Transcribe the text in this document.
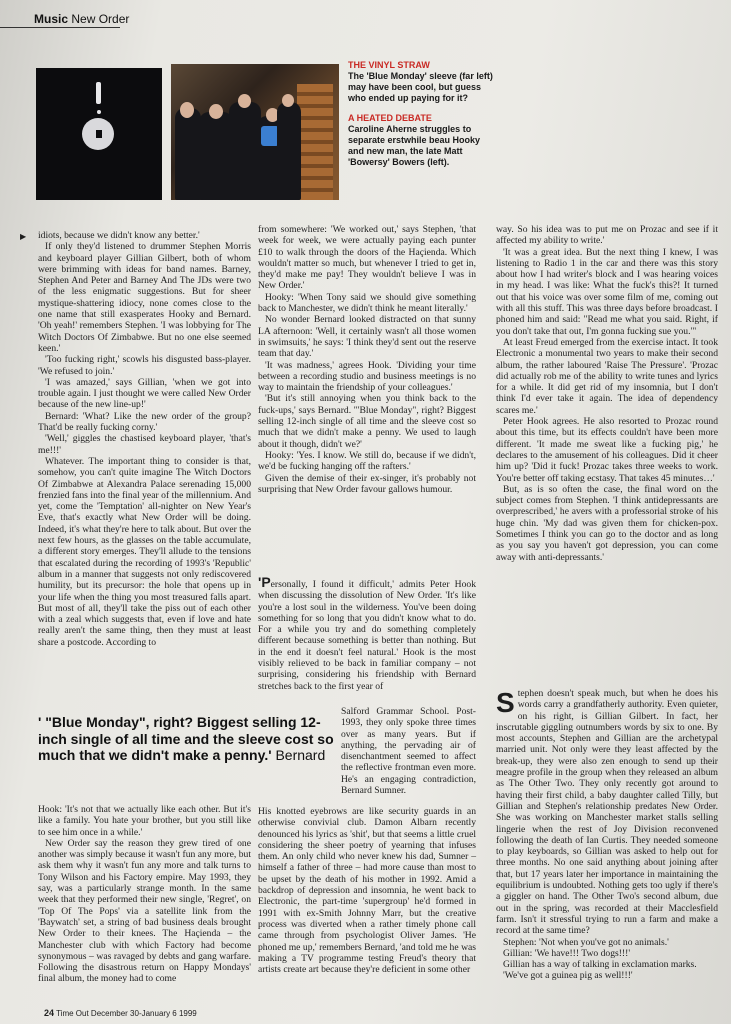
Music New Order
THE VINYL STRAW
The 'Blue Monday' sleeve (far left) may have been cool, but guess who ended up paying for it?
A HEATED DEBATE
Caroline Aherne struggles to separate erstwhile beau Hooky and new man, the late Matt 'Bowersy' Bowers (left).
▶ idiots, because we didn't know any better.'

If only they'd listened to drummer Stephen Morris and keyboard player Gillian Gilbert, both of whom were brimming with ideas for band names. Barney, Stephen And Peter and Barney And The JDs were two of the less enigmatic suggestions. But for sheer mystique-shattering idiocy, none comes close to the one name that still exasperates Hooky and Bernard. 'Oh yeah!' remembers Stephen. 'I was lobbying for The Witch Doctors Of Zimbabwe. But no one else seemed keen.'

'Too fucking right,' scowls his disgusted bass-player. 'We refused to join.'

'I was amazed,' says Gillian, 'when we got into trouble again. I just thought we were called New Order because of the new line-up!'

Bernard: 'What? Like the new order of the group? That'd be really fucking corny.'

'Well,' giggles the chastised keyboard player, 'that's me!!!'

Whatever. The important thing to consider is that, somehow, you can't quite imagine The Witch Doctors Of Zimbabwe at Alexandra Palace serenading 15,000 frenzied fans into the final year of the millennium. And yet, come the 'Temptation' all-nighter on New Year's Eve, that's exactly what New Order will be doing. Indeed, it's what they're here to talk about. But over the next few hours, as the glasses on the table accumulate, a different story emerges. They'll allude to the tensions that escalated during the recording of 1993's 'Republic' album in a manner that suggests not only rediscovered humility, but its precursor: the hole that opens up in your life when the thing you most treasured falls apart. But most of all, they'll take the piss out of each other with a zeal which suggests that, even if love and hate really aren't the same thing, then they must at least share a postcode. According to

' "Blue Monday", right? Biggest selling 12-inch single of all time and the sleeve cost so much that we didn't make a penny.' Bernard

Hook: 'It's not that we actually like each other. But it's like a family. You hate your brother, but you still like to see him once in a while.'

New Order say the reason they grew tired of one another was simply because it wasn't fun any more, but ask them why it wasn't fun any more and talk turns to Tony Wilson and his Factory empire. May 1993, they say, was a particularly strange month. In the same week that they performed their new single, 'Regret', on 'Top Of The Pops' via a satellite link from the 'Baywatch' set, a string of bad business deals brought New Order to their knees. The Haçienda – the Manchester club with which Factory had become synonymous – was ravaged by debts and gang warfare. Following the disastrous return on Happy Mondays' final album, the money had to come

from somewhere: 'We worked out,' says Stephen, 'that week for week, we were actually paying each punter £10 to walk through the doors of the Haçienda. Which wouldn't matter so much, but whenever I tried to get in, they'd make me pay! They wouldn't believe I was in New Order.'

Hooky: 'When Tony said we should give something back to Manchester, we didn't think he meant literally.'

No wonder Bernard looked distracted on that sunny LA afternoon: 'Well, it certainly wasn't all those women in swimsuits,' he says: 'I think they'd sent out the reserve team that day.'

'It was madness,' agrees Hook. 'Dividing your time between a recording studio and business meetings is no way to maintain the friendship of your colleagues.'

'But it's still annoying when you think back to the fuck-ups,' says Bernard. '"Blue Monday", right? Biggest selling 12-inch single of all time and the sleeve cost so much that we didn't make a penny. We used to laugh about it though, didn't we?'

Hooky: 'Yes. I know. We still do, because if we didn't, we'd be fucking hanging off the rafters.'

Given the demise of their ex-singer, it's probably not surprising that New Order favour gallows humour.

'Personally, I found it difficult,' admits Peter Hook when discussing the dissolution of New Order. 'It's like you're a lost soul in the wilderness. You've been doing something for so long that you didn't know what to do. For a while you try and do something completely different because something is better than nothing. But in the end it doesn't feel natural.' Hook is the most visibly relieved to be back in familiar company – not surprising, considering his friendship with Bernard stretches back to the first year of

Salford Grammar School. Post-1993, they only spoke three times over as many years. But if anything, the pervading air of disenchantment seemed to affect the reflective frontman even more. He's an engaging contradiction, Bernard Sumner.

His knotted eyebrows are like security guards in an otherwise convivial club. Damon Albarn recently denounced his lyrics as 'shit', but that seems a little cruel considering the sheer poetry of yearning that infuses them. An only child who never knew his dad, Sumner – himself a father of three – had more cause than most to be upset by the death of his mother in 1992. Amid a backdrop of depression and insomnia, he went back to Electronic, the part-time 'supergroup' he'd formed in 1991 with ex-Smith Johnny Marr, but the creative process was diverted when a rather timely phone call came through from psychologist Oliver James. 'He phoned me up,' remembers Bernard, 'and told me he was making a TV programme testing Freud's theory that artists create art because they're deficient in some other

way. So his idea was to put me on Prozac and see if it affected my ability to write.'

'It was a great idea. But the next thing I knew, I was listening to Radio 1 in the car and there was this story about how I had writer's block and I was hearing voices in my head. I was like: What the fuck's this?! It turned out that his voice was over some film of me, coming out with all this stuff. This was three days before broadcast. I phoned him and said: "Read me what you said. Right, if you don't take that out, I'm gonna fucking sue you."'

At least Freud emerged from the exercise intact. It took Electronic a monumental two years to make their second album, the rather laboured 'Raise The Pressure'. 'Prozac did actually rob me of the ability to write tunes and lyrics for a while. It did get rid of my insomnia, but I don't think I'd ever take it again. The idea of dependency scares me.'

Peter Hook agrees. He also resorted to Prozac round about this time, but its effects couldn't have been more different. 'It made me sweat like a fucking pig,' he declares to the amusement of his colleagues. Did it cheer him up? 'Did it fuck! Prozac takes three weeks to work. You're better off taking ecstasy. That takes 45 minutes…'

But, as is so often the case, the final word on the subject comes from Stephen. 'I think antidepressants are overprescribed,' he avers with a professorial stroke of his huge chin. 'My dad was given them for chicken-pox. Sometimes I think you can go to the doctor and as long as you say you haven't got depression, you can come away with anti-depressants.'

Stephen doesn't speak much, but when he does his words carry a grandfatherly authority. Even quieter, on his right, is Gillian Gilbert. In fact, her inscrutable giggling outnumbers words by six to one. By most accounts, Stephen and Gillian are the archetypal married unit. Not only were they least affected by the break-up, they were also zen enough to send up their meagre profile in the group when they released an album as The Other Two. They only recently got around to having their first child, a baby daughter called Tilly, but Gillian and Stephen's relationship predates New Order. She was working on Manchester market stalls selling lingerie when the rest of Joy Division reconvened following the death of Ian Curtis. They needed someone to play keyboards, so Gillian was asked to help out for three months. No one said anything about joining after that, but 17 years later her importance in maintaining the equilibrium is undoubted. Nothing gets too ugly if there's a giggler on hand. The Other Two's second album, due out in the spring, was recorded at their Macclesfield farm. Isn't it stressful trying to run a farm and make a record at the same time?

Stephen: 'Not when you've got no animals.'

Gillian: 'We have!!! Two dogs!!!'

Gillian has a way of talking in exclamation marks.

'We've got a guinea pig as well!!!'

24 Time Out December 30-January 6 1999
